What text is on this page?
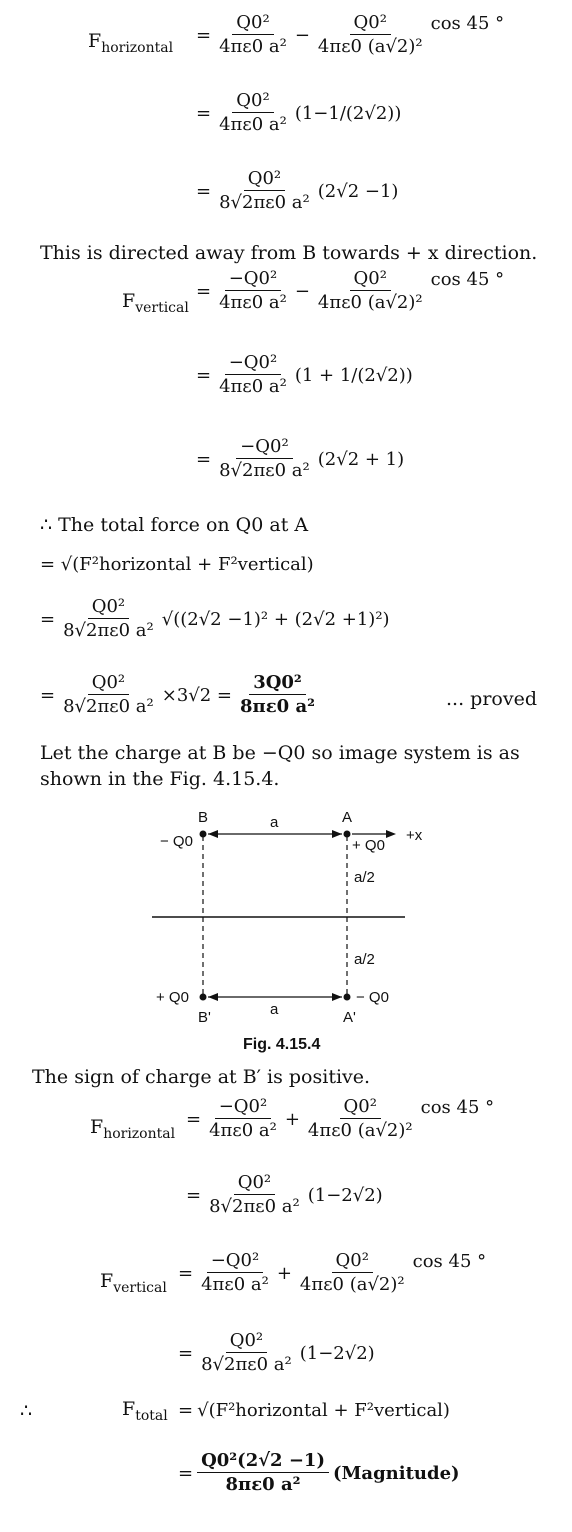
$F_{horizontal}$
= $\frac{\text{Q0²}}{\text{4πε0 a²}} - \frac{\text{Q0²}}{\text{4πε0 (a√2)²}}$ cos 45 °
= $\frac{\text{Q0²}}{\text{4πε0 a²}} (1-1/(2√2))$
= $\frac{\text{Q0²}}{\text{8√2πε0 a²}} (2√2 -1)$
This is directed away from B towards + x direction.
$F_{vertical}$
= $\frac{\text{−Q0²}}{\text{4πε0 a²}} - \frac{\text{Q0²}}{\text{4πε0 (a√2)²}}$ cos 45 °
= $\frac{\text{−Q0²}}{\text{4πε0 a²}} (1 + 1/(2√2))$
= $\frac{\text{−Q0²}}{\text{8√2πε0 a²}} (2√2 + 1)$
∴ The total force on Q0 at A
= √(F²horizontal + F²vertical)
= $\frac{\text{Q0²}}{\text{8√2πε0 a²}} √((2√2 -1)^2 + (2√2 +1)^2)$
= $\frac{\text{Q0²}}{\text{8√2πε0 a²}} \times 3√2 = \frac{\text{3Q0²}}{\text{8πε0 a²}}$	... proved
Let the charge at B be −Q0 so image system is as
shown in the Fig. 4.15.4.
B	A
a
− Q0	+ Q0
+x
a/2
a/2
+ Q0	− Q0
B'	A'
a
Fig. 4.15.4
The sign of charge at B′ is positive.
$F_{horizontal}$
= $\frac{\text{−Q0²}}{\text{4πε0 a²}} + \frac{\text{Q0²}}{\text{4πε0 (a√2)²}}$ cos 45 °
= $\frac{\text{Q0²}}{\text{8√2πε0 a²}} (1-2√2)$
$F_{vertical}$
= $\frac{\text{−Q0²}}{\text{4πε0 a²}} + \frac{\text{Q0²}}{\text{4πε0 (a√2)²}}$ cos 45 °
= $\frac{\text{Q0²}}{\text{8√2πε0 a²}} (1-2√2)$
∴	$F_{total}$ = √(F²horizontal + F²vertical)
= $\frac{\text{Q0²(2√2 −1)}}{\text{8πε0 a²}}$ (Magnitude)
